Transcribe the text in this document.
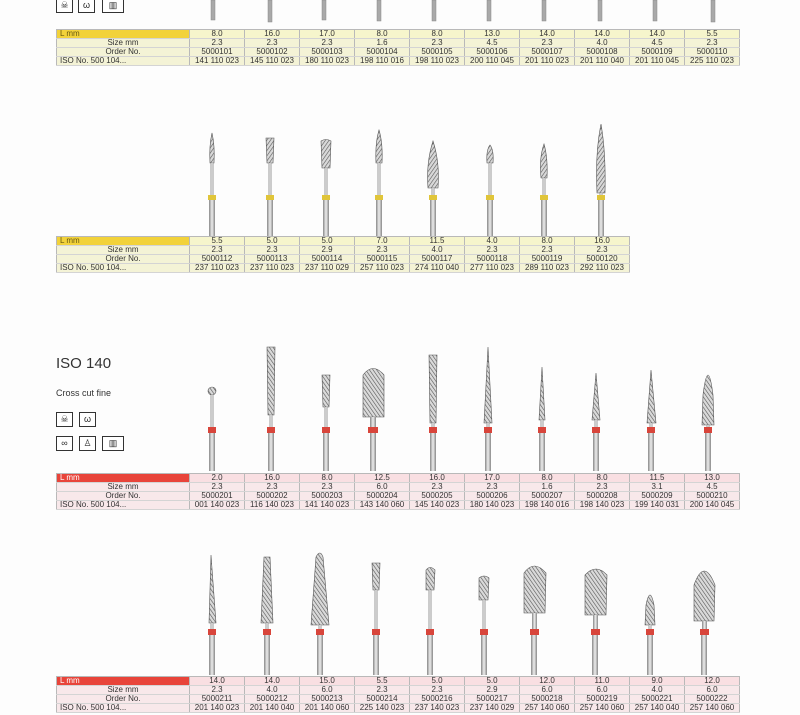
☠	ω	▥
L mm	8.0	16.0	17.0	8.0	8.0	13.0	14.0	14.0	14.0	5.5
Size mm	2.3	2.3	2.3	1.6	2.3	4.5	2.3	4.0	4.5	2.3
Order No.	5000101	5000102	5000103	5000104	5000105	5000106	5000107	5000108	5000109	5000110
ISO No. 500 104...	141 110 023	145 110 023	180 110 023	198 110 016	198 110 023	200 110 045	201 110 023	201 110 040	201 110 045	225 110 023
L mm	5.5	5.0	5.0	7.0	11.5	4.0	8.0	16.0
Size mm	2.3	2.3	2.9	2.3	4.0	2.3	2.3	2.3
Order No.	5000112	5000113	5000114	5000115	5000117	5000118	5000119	5000120
ISO No. 500 104...	237 110 023	237 110 023	237 110 029	257 110 023	274 110 040	277 110 023	289 110 023	292 110 023
ISO 140
Cross cut fine
☠	ω
∞	♙	▥
L mm	2.0	16.0	8.0	12.5	16.0	17.0	8.0	8.0	11.5	13.0
Size mm	2.3	2.3	2.3	6.0	2.3	2.3	1.6	2.3	3.1	4.5
Order No.	5000201	5000202	5000203	5000204	5000205	5000206	5000207	5000208	5000209	5000210
ISO No. 500 104...	001 140 023	116 140 023	141 140 023	143 140 060	145 140 023	180 140 023	198 140 016	198 140 023	199 140 031	200 140 045
L mm	14.0	14.0	15.0	5.5	5.0	5.0	12.0	11.0	9.0	12.0
Size mm	2.3	4.0	6.0	2.3	2.3	2.9	6.0	6.0	4.0	6.0
Order No.	5000211	5000212	5000213	5000214	5000216	5000217	5000218	5000219	5000221	5000222
ISO No. 500 104...	201 140 023	201 140 040	201 140 060	225 140 023	237 140 023	237 140 029	257 140 060	257 140 060	257 140 040	257 140 060
